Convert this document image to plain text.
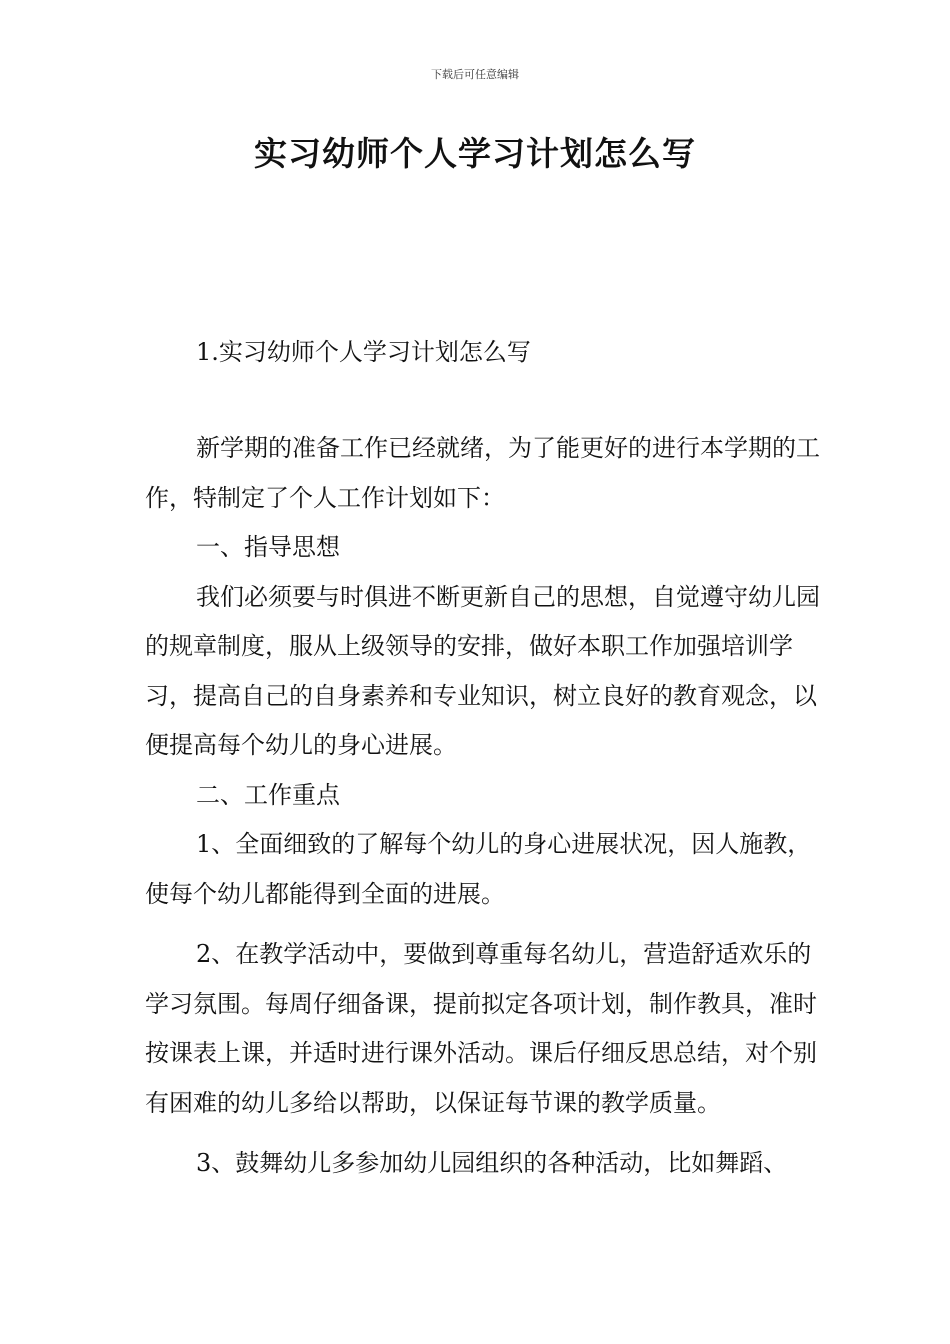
下载后可任意编辑
实习幼师个人学习计划怎么写
1.实习幼师个人学习计划怎么写

新学期的准备工作已经就绪，为了能更好的进行本学期的工作，特制定了个人工作计划如下：

一、指导思想

我们必须要与时俱进不断更新自己的思想，自觉遵守幼儿园的规章制度，服从上级领导的安排，做好本职工作加强培训学习，提高自己的自身素养和专业知识，树立良好的教育观念，以便提高每个幼儿的身心进展。

二、工作重点

1、全面细致的了解每个幼儿的身心进展状况，因人施教，使每个幼儿都能得到全面的进展。

2、在教学活动中，要做到尊重每名幼儿，营造舒适欢乐的学习氛围。每周仔细备课，提前拟定各项计划，制作教具，准时按课表上课，并适时进行课外活动。课后仔细反思总结，对个别有困难的幼儿多给以帮助，以保证每节课的教学质量。

3、鼓舞幼儿多参加幼儿园组织的各种活动，比如舞蹈、
